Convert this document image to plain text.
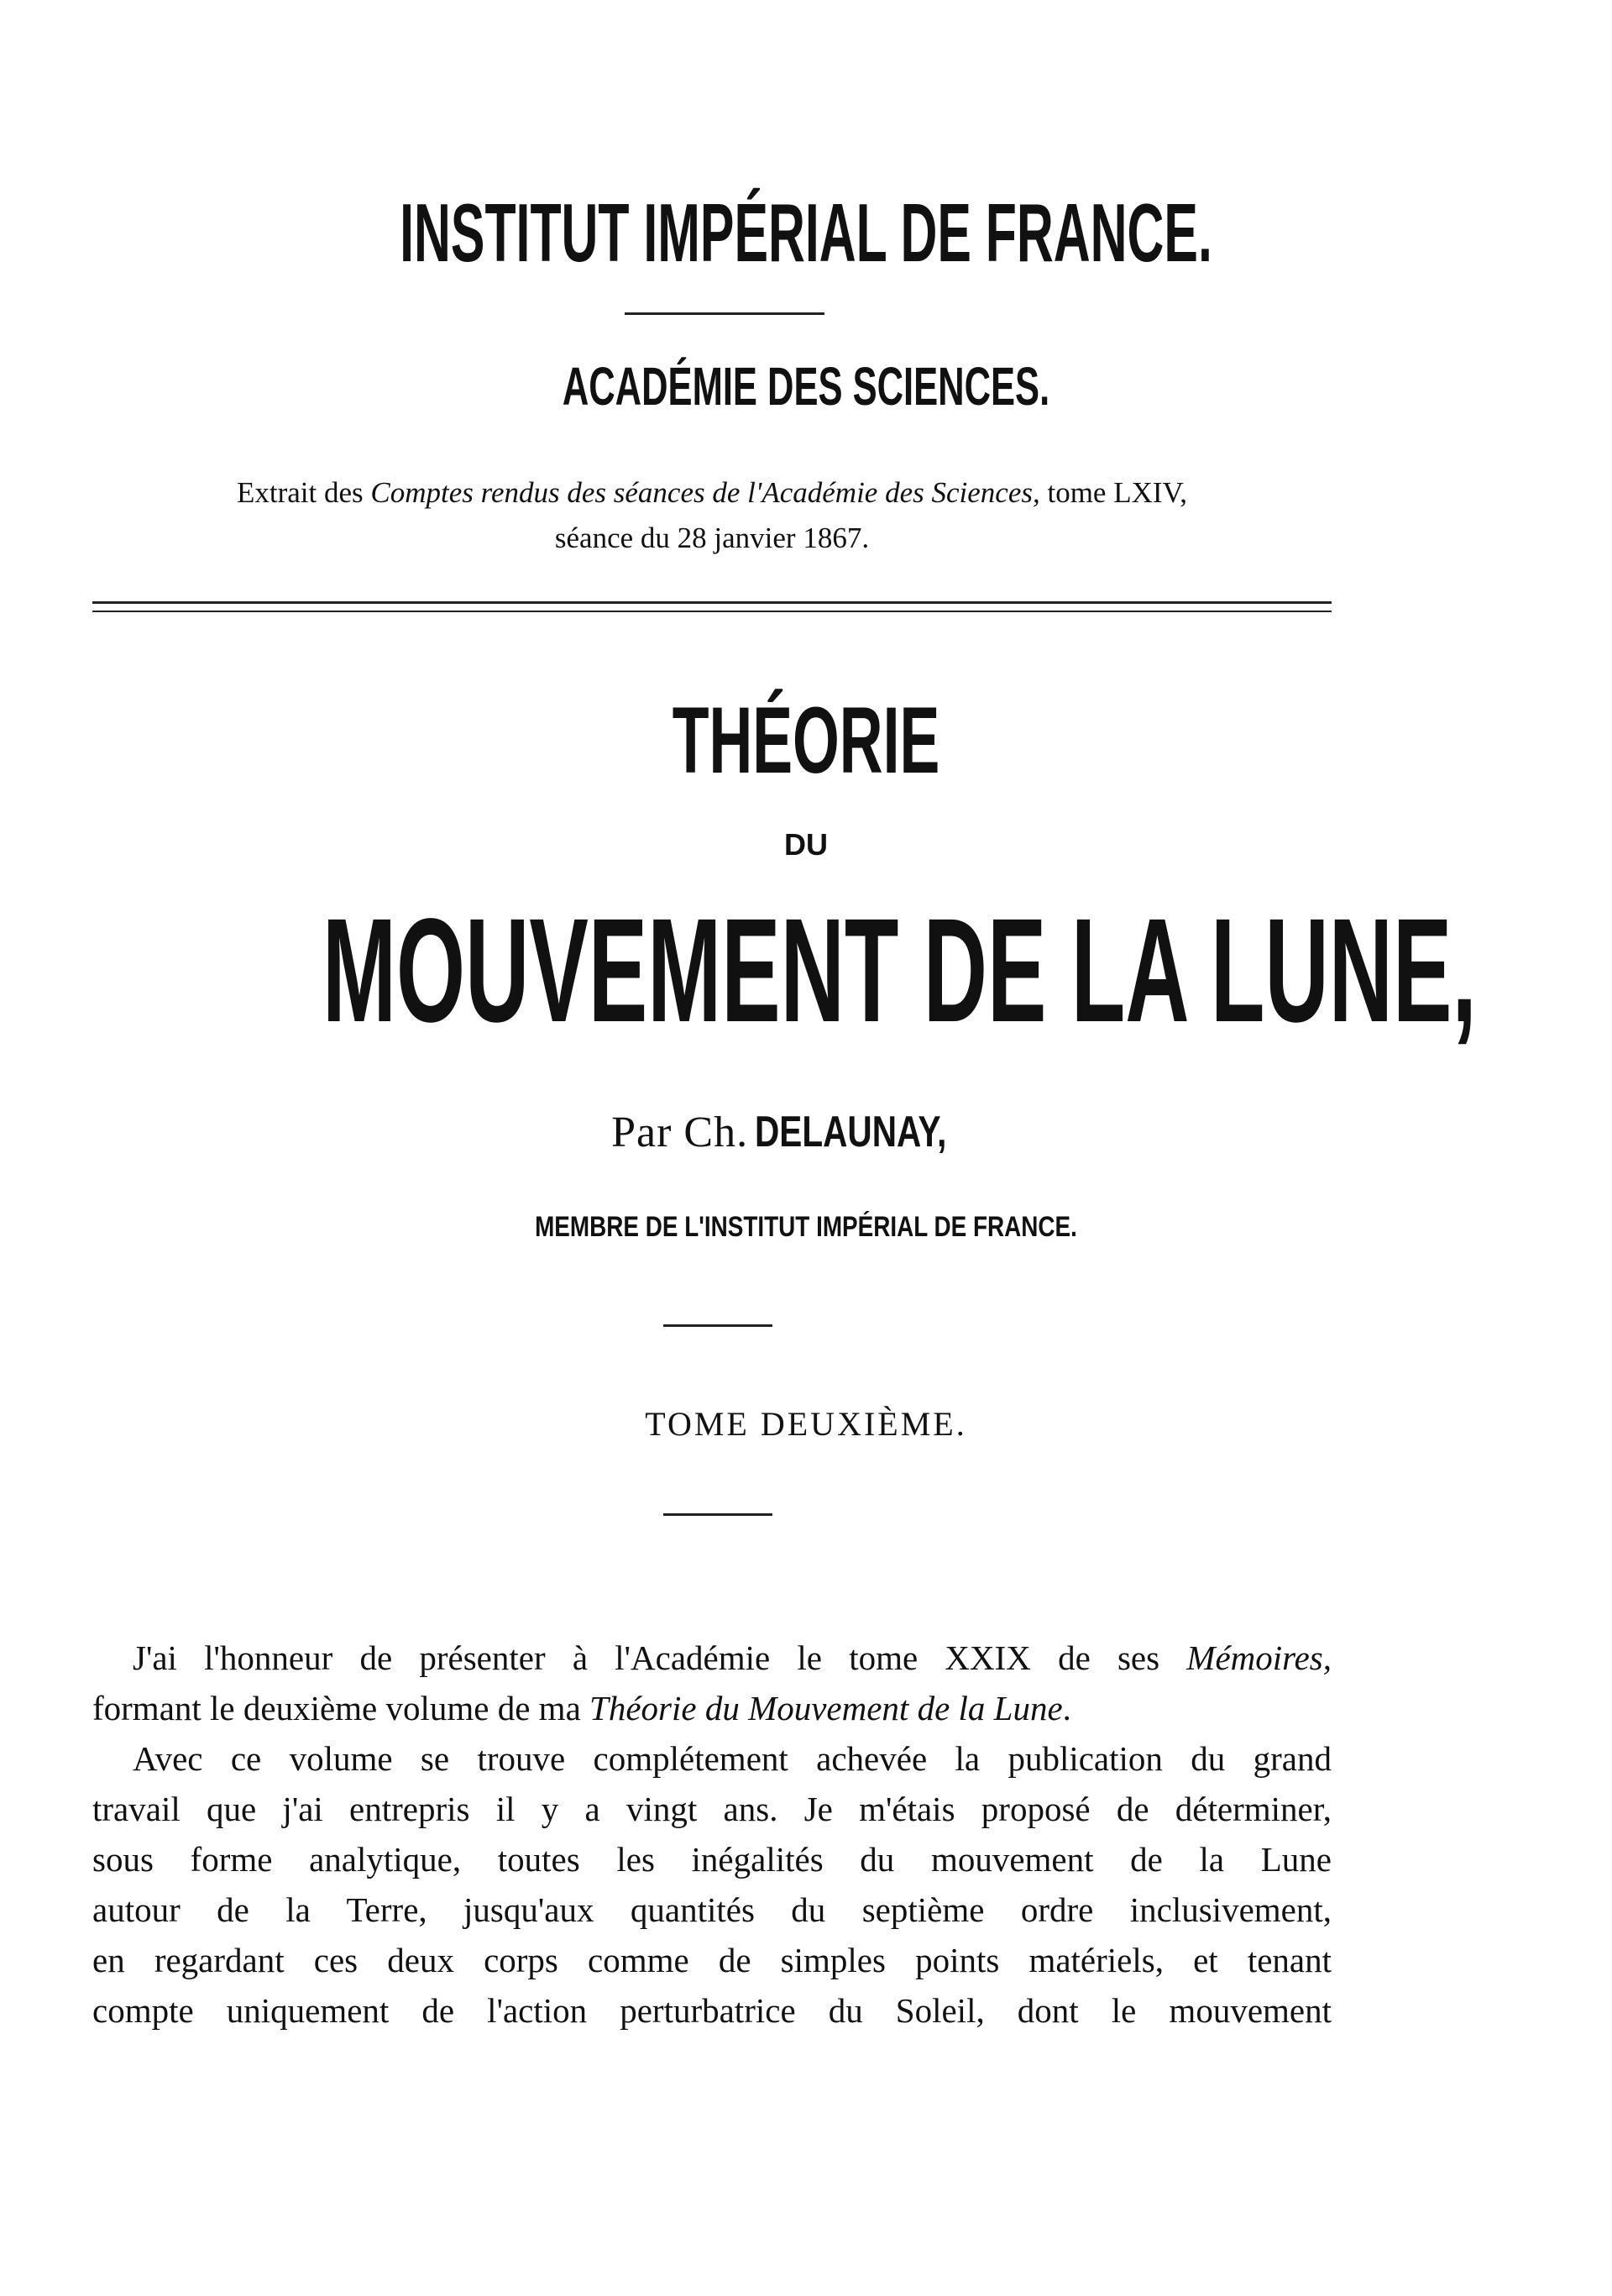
INSTITUT IMPÉRIAL DE FRANCE.
ACADÉMIE DES SCIENCES.
Extrait des Comptes rendus des séances de l'Académie des Sciences, tome LXIV,
séance du 28 janvier 1867.
THÉORIE
DU
MOUVEMENT DE LA LUNE,
Par Ch. DELAUNAY,
MEMBRE DE L'INSTITUT IMPÉRIAL DE FRANCE.
TOME DEUXIÈME.

J'ai l'honneur de présenter à l'Académie le tome XXIX de ses Mémoires,
formant le deuxième volume de ma Théorie du Mouvement de la Lune.

Avec ce volume se trouve complétement achevée la publication du grand
travail que j'ai entrepris il y a vingt ans. Je m'étais proposé de déterminer,
sous forme analytique, toutes les inégalités du mouvement de la Lune
autour de la Terre, jusqu'aux quantités du septième ordre inclusivement,
en regardant ces deux corps comme de simples points matériels, et tenant
compte uniquement de l'action perturbatrice du Soleil, dont le mouvement
